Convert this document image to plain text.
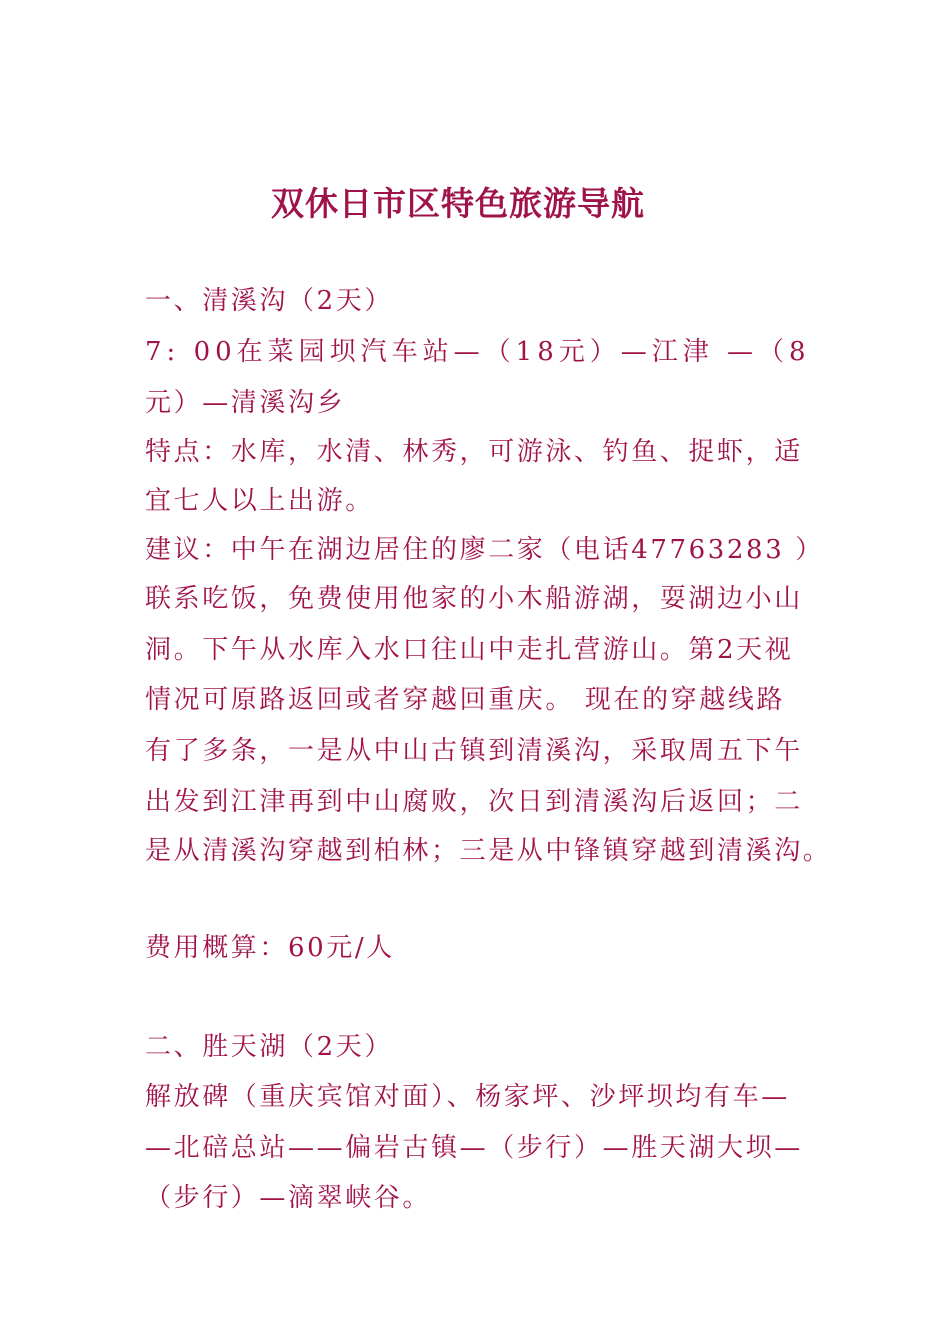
双休日市区特色旅游导航
一、清溪沟（2天）
7: 00在菜园坝汽车站—（18元）—江津 —（8
元）—清溪沟乡
特点：水库，水清、林秀，可游泳、钓鱼、捉虾，适
宜七人以上出游。
建议：中午在湖边居住的廖二家（电话47763283 ）
联系吃饭，免费使用他家的小木船游湖，耍湖边小山
洞。下午从水库入水口往山中走扎营游山。第2天视
情况可原路返回或者穿越回重庆。 现在的穿越线路
有了多条，一是从中山古镇到清溪沟，采取周五下午
出发到江津再到中山腐败，次日到清溪沟后返回；二
是从清溪沟穿越到柏林；三是从中锋镇穿越到清溪沟。
费用概算：60元/人
二、胜天湖（2天）
解放碑（重庆宾馆对面）、杨家坪、沙坪坝均有车—
—北碚总站——偏岩古镇—（步行）—胜天湖大坝—
（步行）—滴翠峡谷。
